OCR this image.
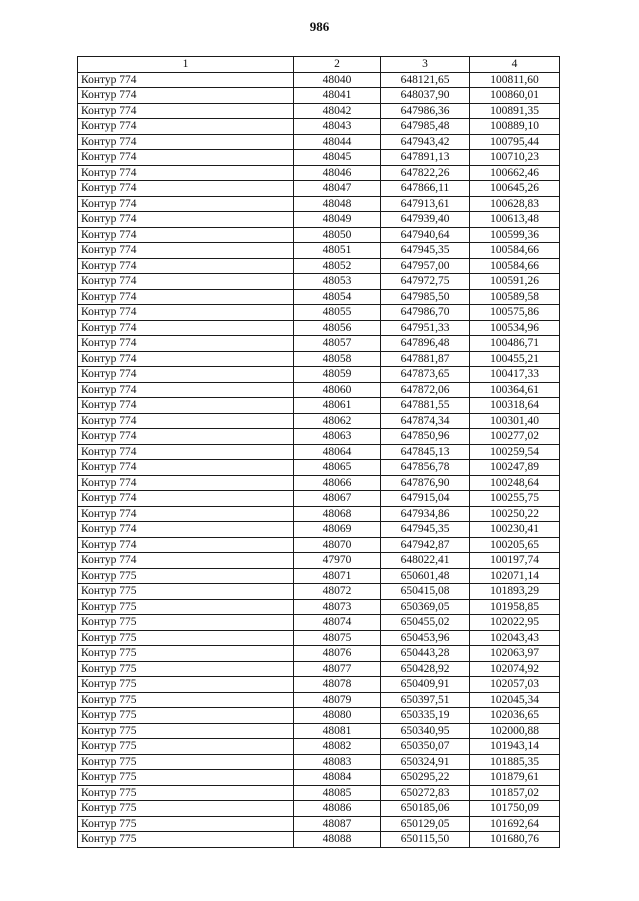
986
1	2	3	4
Контур 774	48040	648121,65	100811,60
Контур 774	48041	648037,90	100860,01
Контур 774	48042	647986,36	100891,35
Контур 774	48043	647985,48	100889,10
Контур 774	48044	647943,42	100795,44
Контур 774	48045	647891,13	100710,23
Контур 774	48046	647822,26	100662,46
Контур 774	48047	647866,11	100645,26
Контур 774	48048	647913,61	100628,83
Контур 774	48049	647939,40	100613,48
Контур 774	48050	647940,64	100599,36
Контур 774	48051	647945,35	100584,66
Контур 774	48052	647957,00	100584,66
Контур 774	48053	647972,75	100591,26
Контур 774	48054	647985,50	100589,58
Контур 774	48055	647986,70	100575,86
Контур 774	48056	647951,33	100534,96
Контур 774	48057	647896,48	100486,71
Контур 774	48058	647881,87	100455,21
Контур 774	48059	647873,65	100417,33
Контур 774	48060	647872,06	100364,61
Контур 774	48061	647881,55	100318,64
Контур 774	48062	647874,34	100301,40
Контур 774	48063	647850,96	100277,02
Контур 774	48064	647845,13	100259,54
Контур 774	48065	647856,78	100247,89
Контур 774	48066	647876,90	100248,64
Контур 774	48067	647915,04	100255,75
Контур 774	48068	647934,86	100250,22
Контур 774	48069	647945,35	100230,41
Контур 774	48070	647942,87	100205,65
Контур 774	47970	648022,41	100197,74
Контур 775	48071	650601,48	102071,14
Контур 775	48072	650415,08	101893,29
Контур 775	48073	650369,05	101958,85
Контур 775	48074	650455,02	102022,95
Контур 775	48075	650453,96	102043,43
Контур 775	48076	650443,28	102063,97
Контур 775	48077	650428,92	102074,92
Контур 775	48078	650409,91	102057,03
Контур 775	48079	650397,51	102045,34
Контур 775	48080	650335,19	102036,65
Контур 775	48081	650340,95	102000,88
Контур 775	48082	650350,07	101943,14
Контур 775	48083	650324,91	101885,35
Контур 775	48084	650295,22	101879,61
Контур 775	48085	650272,83	101857,02
Контур 775	48086	650185,06	101750,09
Контур 775	48087	650129,05	101692,64
Контур 775	48088	650115,50	101680,76
